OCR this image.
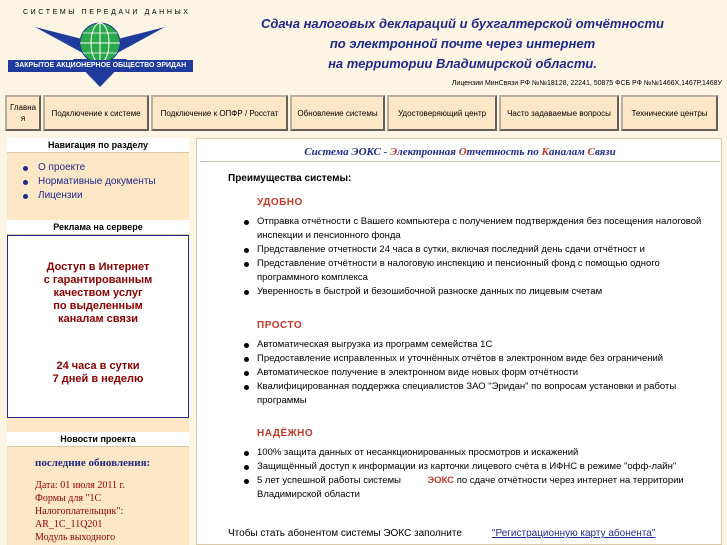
СИСТЕМЫ ПЕРЕДАЧИ ДАННЫХ
ЗАКРЫТОЕ АКЦИОНЕРНОЕ ОБЩЕСТВО ЭРИДАН
Сдача налоговых деклараций и бухгалтерской отчётности
по электронной почте через интернет
на территории Владимирской области.
Лицензии МинСвязи РФ №№18128, 22241, 50875 ФСБ РФ №№1466Х,1467Р,1468У
Главная
Подключение к системе	Подключение к ОПФР / Росстат	Обновление системы	Удостоверяющий центр	Часто задаваемые вопросы	Технические центры
Навигация по разделу
О проекте
Нормативные документы
Лицензии
Реклама на сервере
Доступ в Интернет
с гарантированным
качеством услуг
по выделенным
каналам связи
24 часа в сутки
7 дней в неделю
Новости проекта
последние обновления:
Дата: 01 июля 2011 г.
Формы для "1С
Налогоплательщик":
AR_1C_11Q201
Модуль выходного
Система ЭОКС - Электронная Отчетность по Каналам Связи
Преимущества системы:
УДОБНО
Отправка отчётности с Вашего компьютера с получением подтверждения без посещения налоговой инспекции и пенсионного фонда
Представление отчетности 24 часа в сутки, включая последний день сдачи отчётност и
Представление отчётности в налоговую инспекцию и пенсионный фонд с помощью одного программного комплекса
Уверенность в быстрой и безошибочной разноске данных по лицевым счетам
ПРОСТО
Автоматическая выгрузка из программ семейства 1С
Предоставление исправленных и уточнённых отчётов в электронном виде без ограничений
Автоматическое получение в электронном виде новых форм отчётности
Квалифицированная поддержка специалистов ЗАО "Эридан" по вопросам установки и работы программы
НАДЁЖНО
100% защита данных от несанкционированных просмотров и искажений
Защищённый доступ к информации из карточки лицевого счёта в ИФНС в режиме "офф-лайн"
5 лет успешной работы системы	ЭОКС по сдаче отчётности через интернет на территории Владимирской области
Чтобы стать абонентом системы ЭОКС заполните	"Регистрационную карту абонента"
